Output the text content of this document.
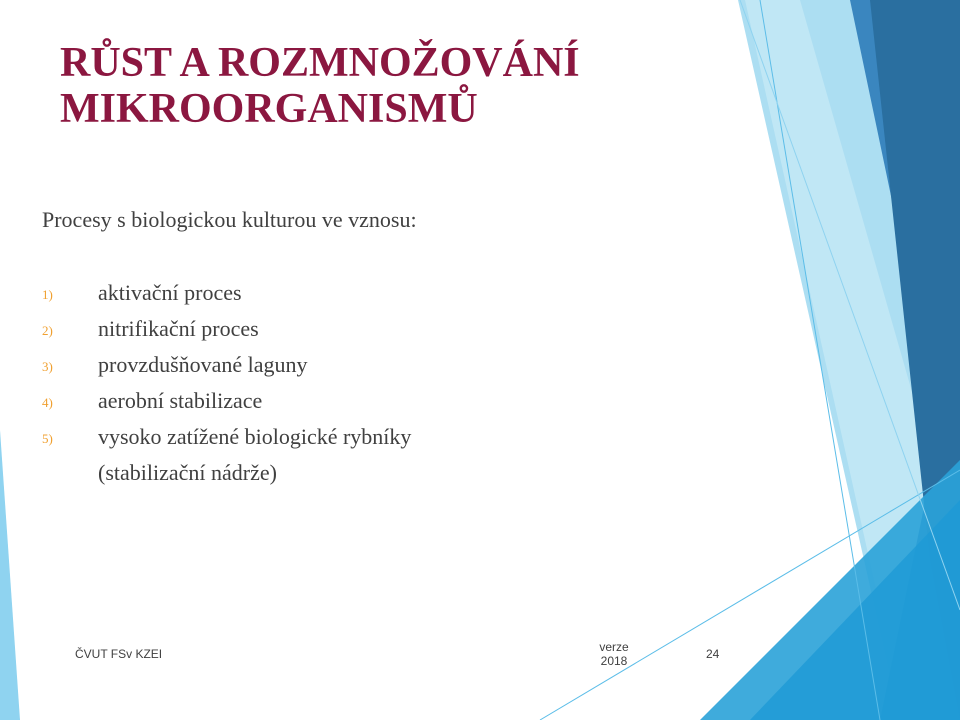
RŮST A ROZMNOŽOVÁNÍ
MIKROORGANISMŮ
Procesy s biologickou kulturou ve vznosu:
1) aktivační proces
2) nitrifikační proces
3) provzdušňované laguny
4) aerobní stabilizace
5) vysoko zatížené biologické rybníky
(stabilizační nádrže)
ČVUT FSv KZEI	verze
2018	24
